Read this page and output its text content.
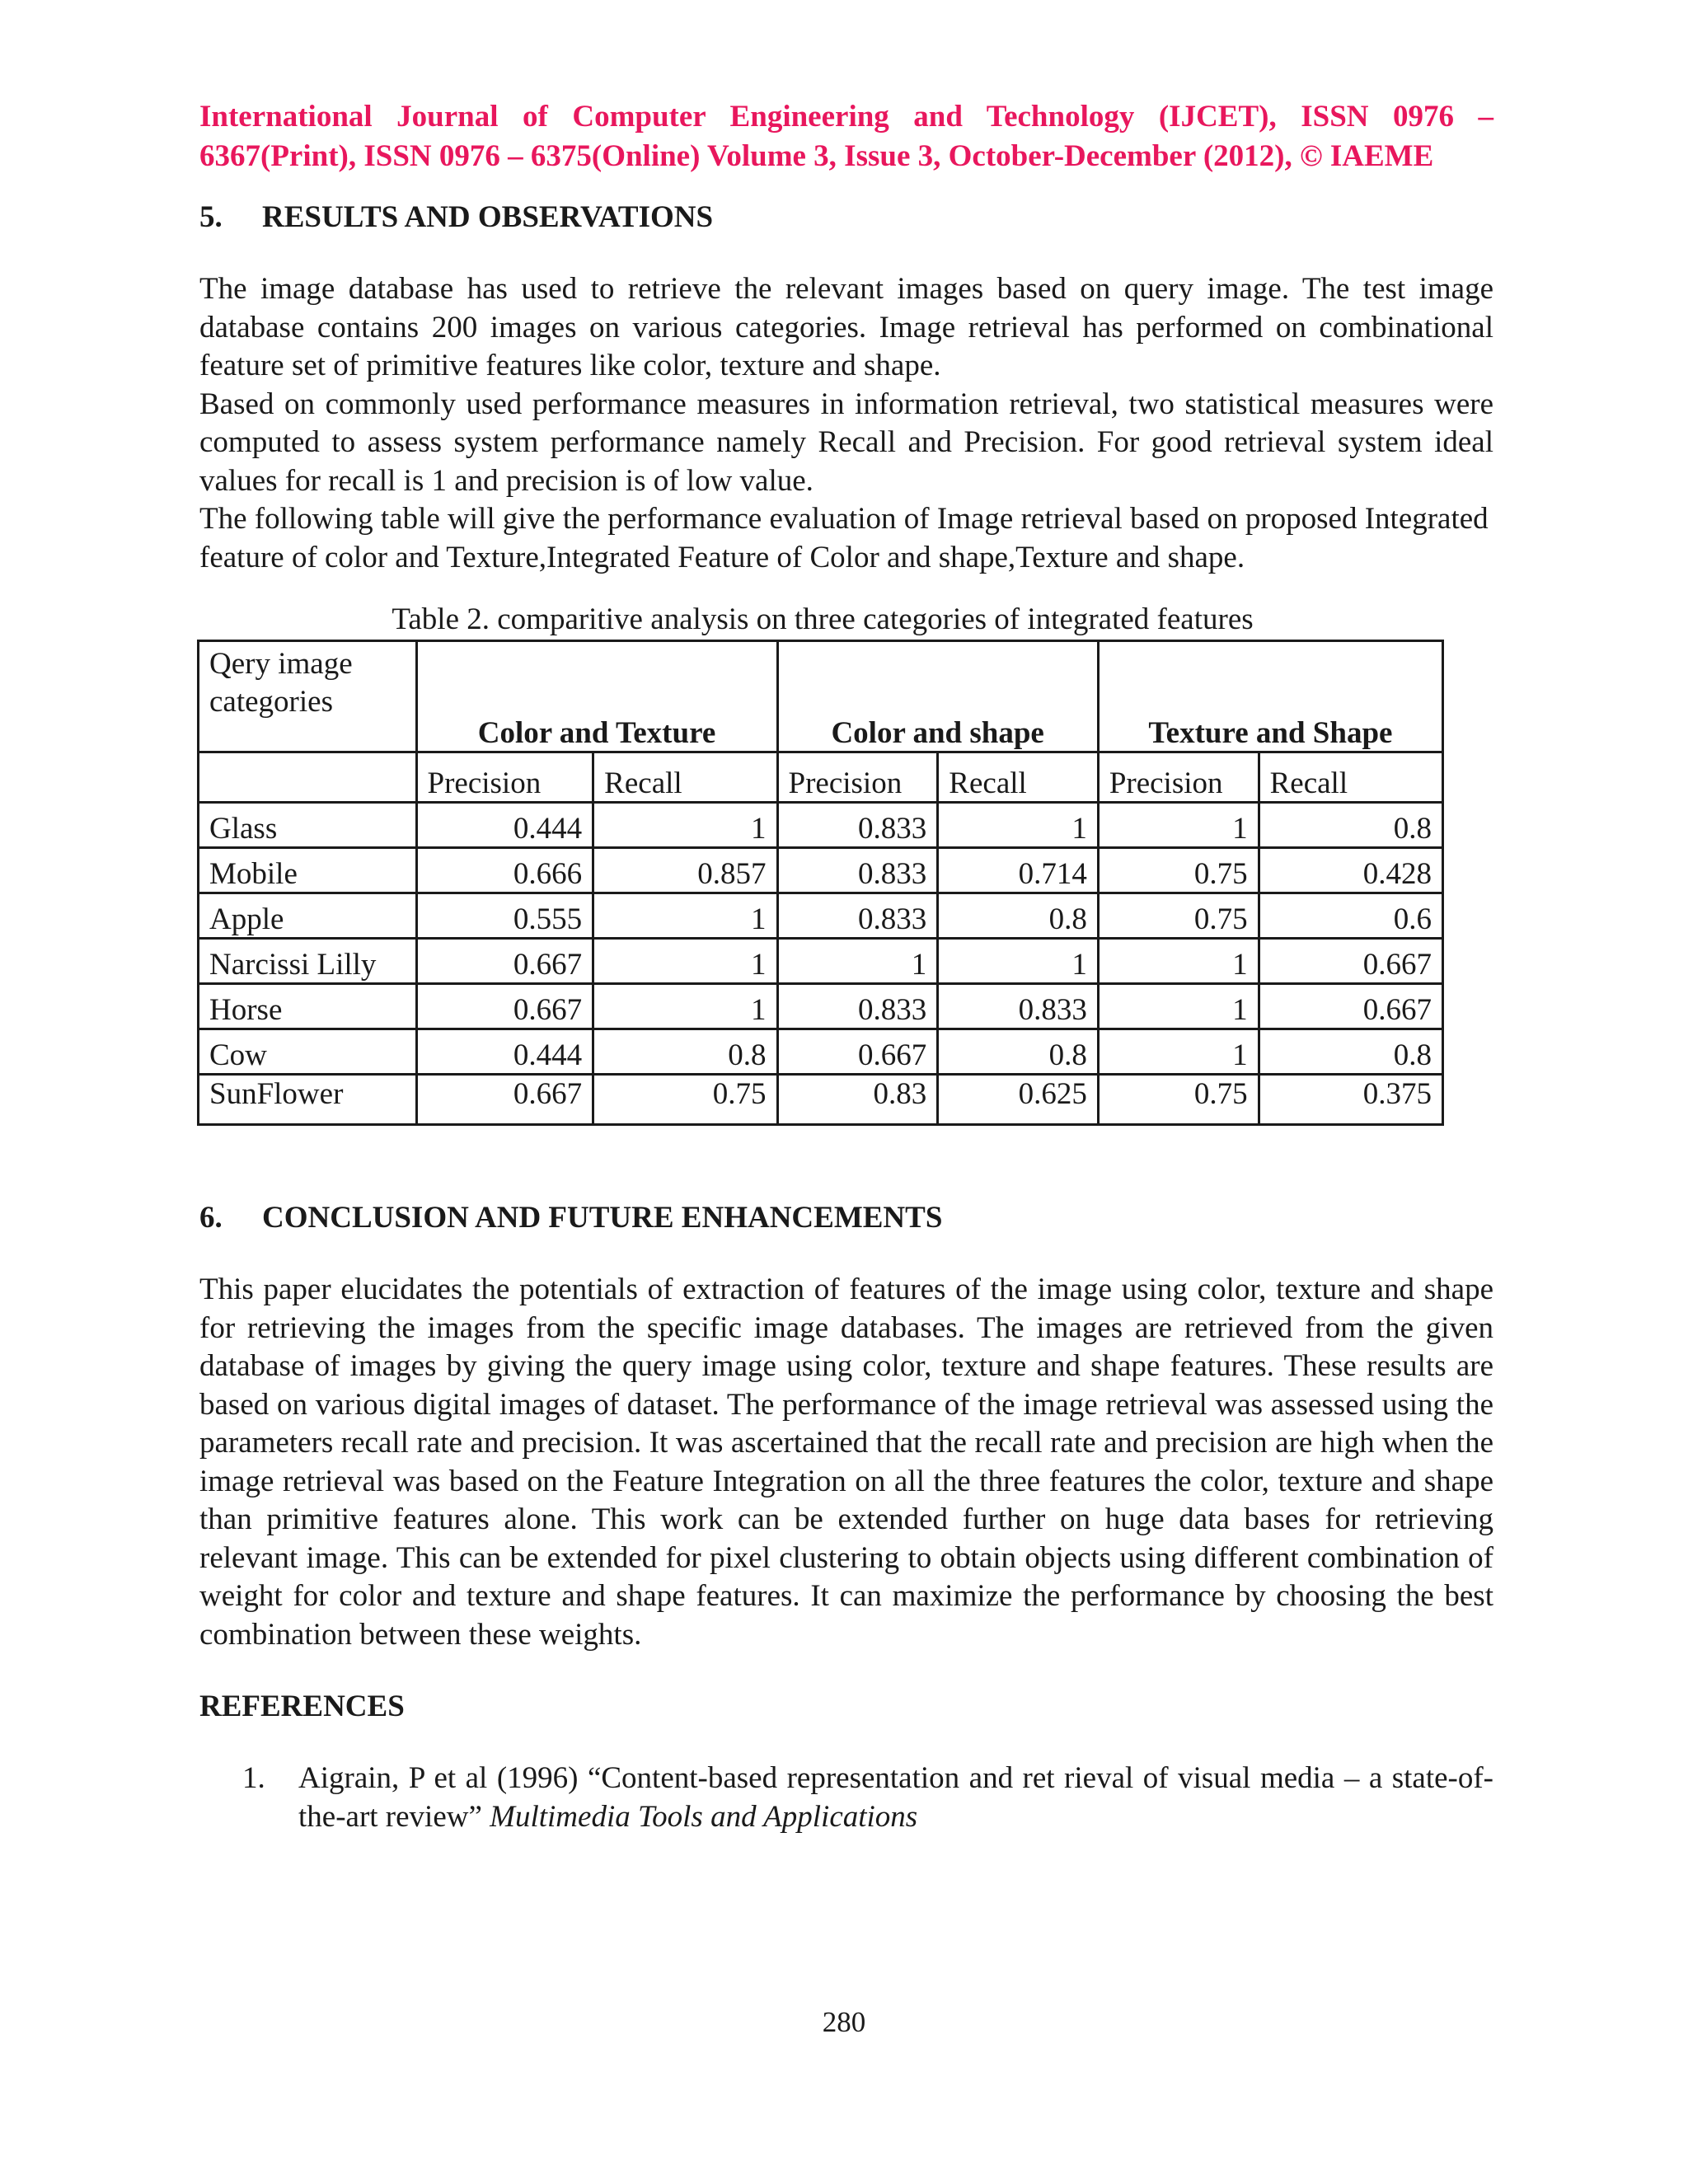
International Journal of Computer Engineering and Technology (IJCET), ISSN 0976 –

6367(Print), ISSN 0976 – 6375(Online) Volume 3, Issue 3, October-December (2012), © IAEME

5. RESULTS AND OBSERVATIONS

The image database has used to retrieve the relevant images based on query image. The test image database contains 200 images on various categories. Image retrieval has performed on combinational feature set of primitive features like color, texture and shape.

Based on commonly used performance measures in information retrieval, two statistical measures were computed to assess system performance namely Recall and Precision. For good retrieval system ideal values for recall is 1 and precision is of low value.

The following table will give the performance evaluation of Image retrieval based on proposed Integrated feature of color and Texture,Integrated Feature of Color and shape,Texture and shape.

Table 2. comparitive analysis on three categories of integrated features

Qery image categories	Color and Texture		Color and shape		Texture and Shape	
	Precision	Recall	Precision	Recall	Precision	Recall
Glass	0.444	1	0.833	1	1	0.8
Mobile	0.666	0.857	0.833	0.714	0.75	0.428
Apple	0.555	1	0.833	0.8	0.75	0.6
Narcissi Lilly	0.667	1	1	1	1	0.667
Horse	0.667	1	0.833	0.833	1	0.667
Cow	0.444	0.8	0.667	0.8	1	0.8
SunFlower	0.667	0.75	0.83	0.625	0.75	0.375
6. CONCLUSION AND FUTURE ENHANCEMENTS

This paper elucidates the potentials of extraction of features of the image using color, texture and shape for retrieving the images from the specific image databases. The images are retrieved from the given database of images by giving the query image using color, texture and shape features. These results are based on various digital images of dataset. The performance of the image retrieval was assessed using the parameters recall rate and precision. It was ascertained that the recall rate and precision are high when the image retrieval was based on the Feature Integration on all the three features the color, texture and shape than primitive features alone. This work can be extended further on huge data bases for retrieving relevant image. This can be extended for pixel clustering to obtain objects using different combination of weight for color and texture and shape features. It can maximize the performance by choosing the best combination between these weights.

REFERENCES
1. Aigrain, P et al (1996) “Content-based representation and ret rieval of visual media – a state-of-the-art review” Multimedia Tools and Applications
280
